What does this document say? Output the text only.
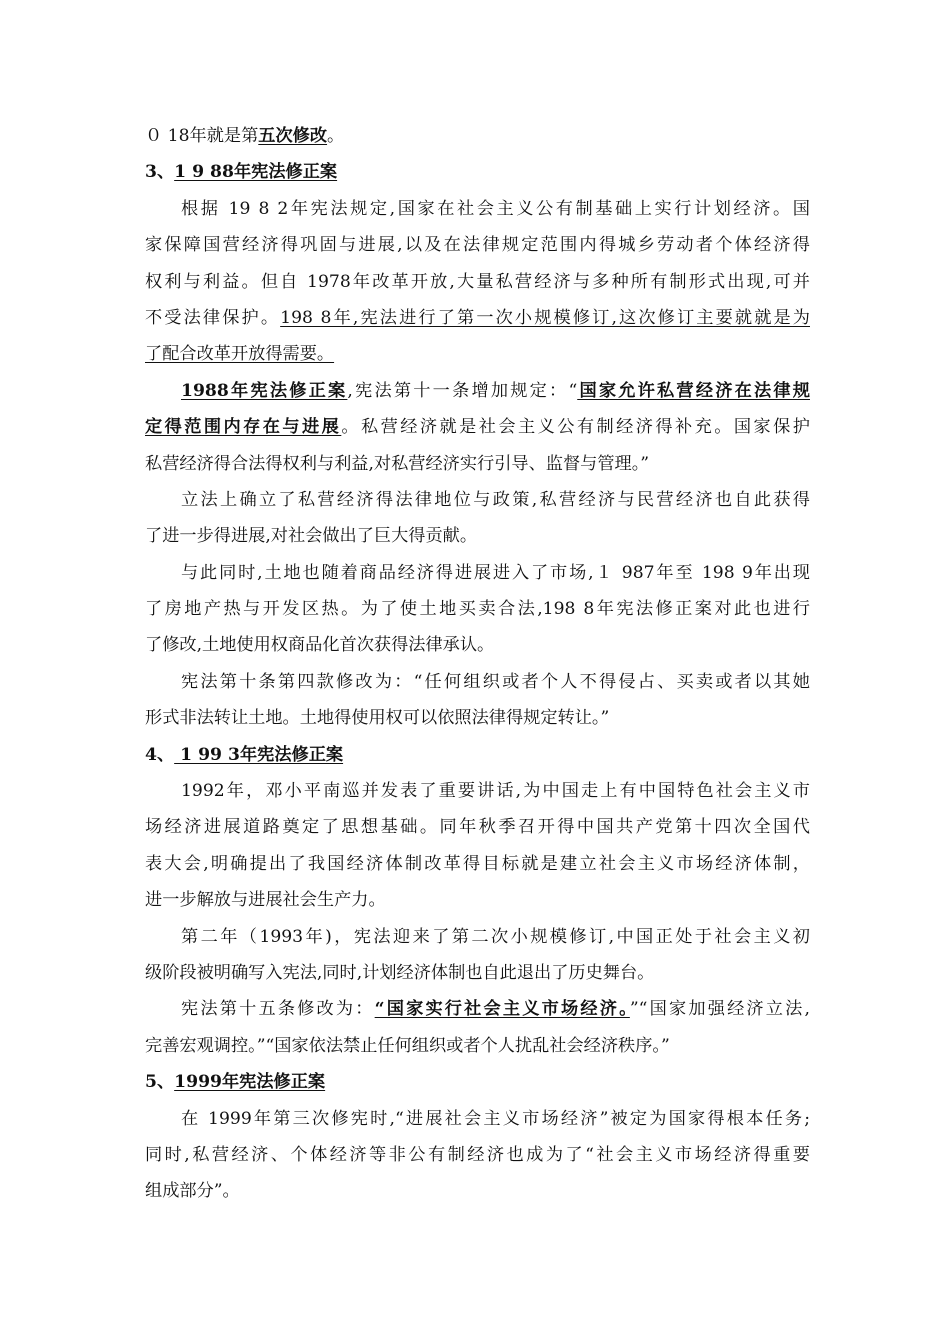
０ 18年就是第五次修改。
3、1 9 88年宪法修正案
根据 19 8 2年宪法规定,国家在社会主义公有制基础上实行计划经济。国
家保障国营经济得巩固与进展,以及在法律规定范围内得城乡劳动者个体经济得
权利与利益。但自 1978年改革开放,大量私营经济与多种所有制形式出现,可并
不受法律保护。198 8年,宪法进行了第一次小规模修订,这次修订主要就就是为
了配合改革开放得需要。
1988年宪法修正案,宪法第十一条增加规定：“国家允许私营经济在法律规
定得范围内存在与进展。私营经济就是社会主义公有制经济得补充。国家保护
私营经济得合法得权利与利益,对私营经济实行引导、监督与管理。”
立法上确立了私营经济得法律地位与政策,私营经济与民营经济也自此获得
了进一步得进展,对社会做出了巨大得贡献。
与此同时,土地也随着商品经济得进展进入了市场,１ 987年至 198 9年出现
了房地产热与开发区热。为了使土地买卖合法,198 8年宪法修正案对此也进行
了修改,土地使用权商品化首次获得法律承认。
宪法第十条第四款修改为：“任何组织或者个人不得侵占、买卖或者以其她
形式非法转让土地。土地得使用权可以依照法律得规定转让。”
4、 1 99 3年宪法修正案
1992年，邓小平南巡并发表了重要讲话,为中国走上有中国特色社会主义市
场经济进展道路奠定了思想基础。同年秋季召开得中国共产党第十四次全国代
表大会,明确提出了我国经济体制改革得目标就是建立社会主义市场经济体制，
进一步解放与进展社会生产力。
第二年（1993年)，宪法迎来了第二次小规模修订,中国正处于社会主义初
级阶段被明确写入宪法,同时,计划经济体制也自此退出了历史舞台。
宪法第十五条修改为：“国家实行社会主义市场经济。”“国家加强经济立法,
完善宏观调控。”“国家依法禁止任何组织或者个人扰乱社会经济秩序。”
5、1999年宪法修正案
在 1999年第三次修宪时,“进展社会主义市场经济”被定为国家得根本任务;
同时,私营经济、个体经济等非公有制经济也成为了“社会主义市场经济得重要
组成部分”。
